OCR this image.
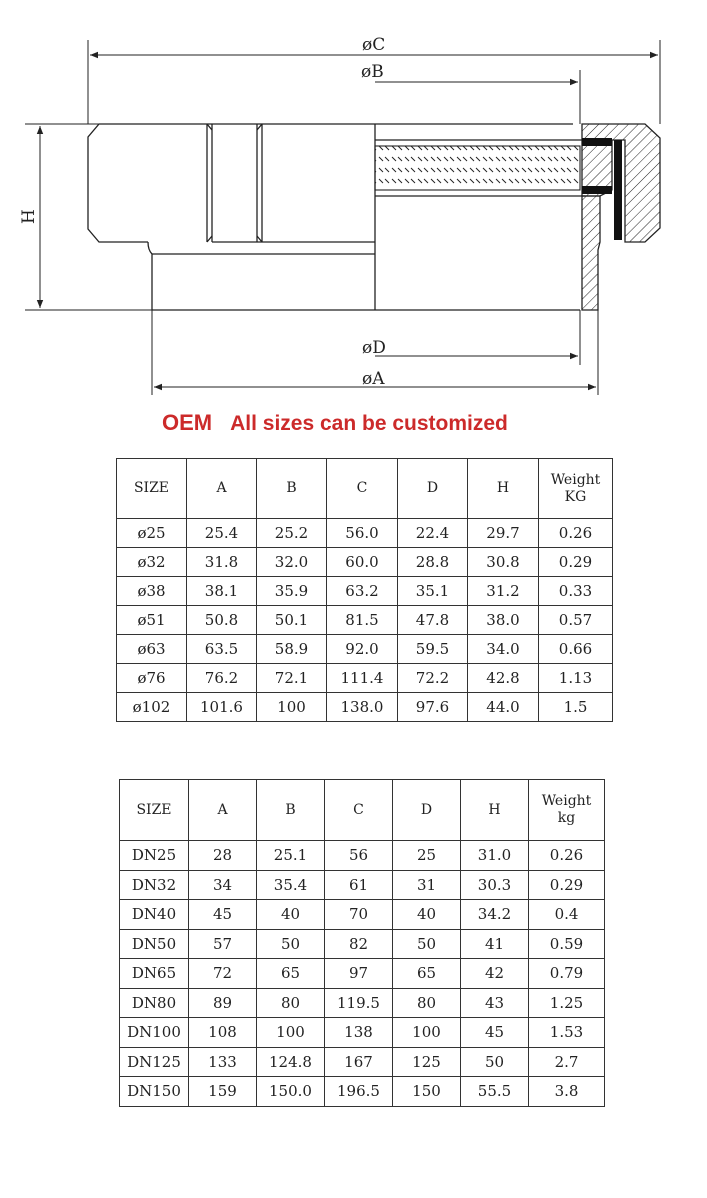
øC
øB
H
øD
øA
OEM All sizes can be customized
SIZE	A	B	C	D	H	Weight
KG
ø25	25.4	25.2	56.0	22.4	29.7	0.26
ø32	31.8	32.0	60.0	28.8	30.8	0.29
ø38	38.1	35.9	63.2	35.1	31.2	0.33
ø51	50.8	50.1	81.5	47.8	38.0	0.57
ø63	63.5	58.9	92.0	59.5	34.0	0.66
ø76	76.2	72.1	111.4	72.2	42.8	1.13
ø102	101.6	100	138.0	97.6	44.0	1.5
SIZE	A	B	C	D	H	Weight
kg
DN25	28	25.1	56	25	31.0	0.26
DN32	34	35.4	61	31	30.3	0.29
DN40	45	40	70	40	34.2	0.4
DN50	57	50	82	50	41	0.59
DN65	72	65	97	65	42	0.79
DN80	89	80	119.5	80	43	1.25
DN100	108	100	138	100	45	1.53
DN125	133	124.8	167	125	50	2.7
DN150	159	150.0	196.5	150	55.5	3.8
